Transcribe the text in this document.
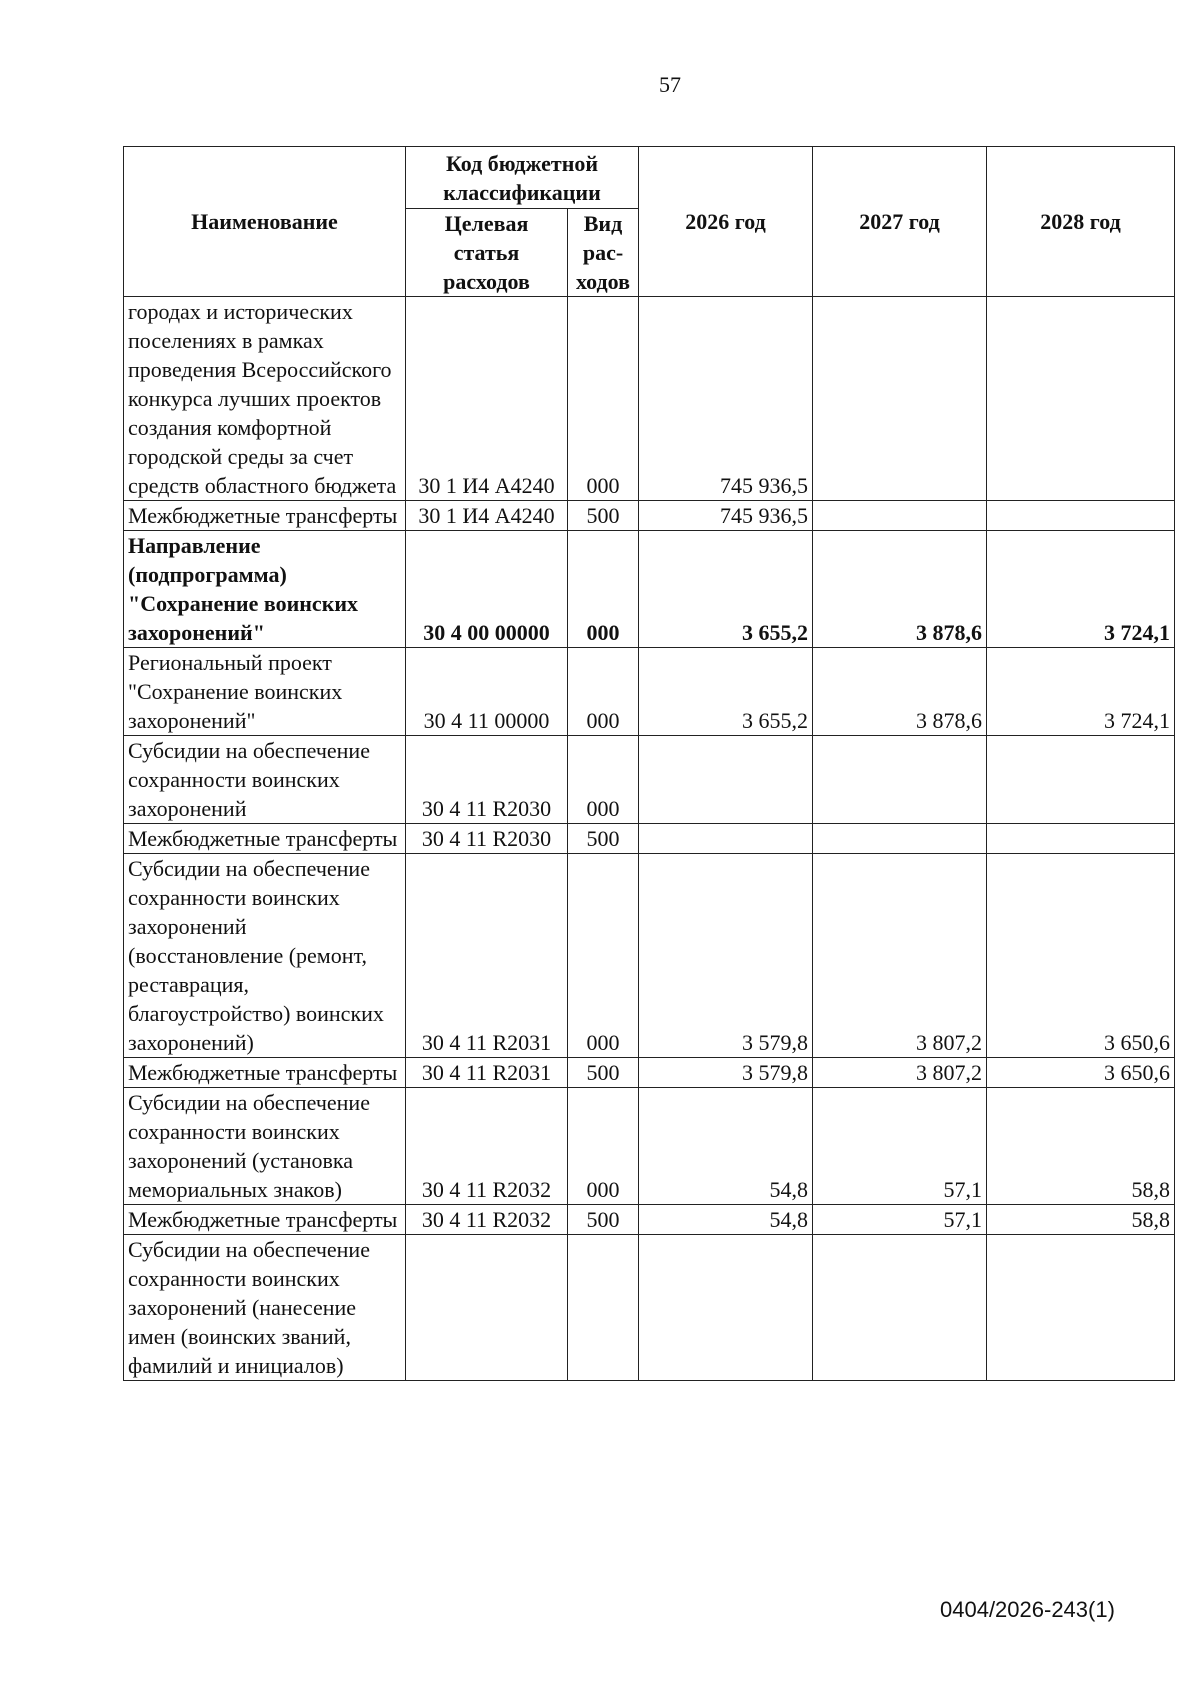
57
Наименование	Код бюджетной классификации		2026 год	2027 год	2028 год
	Целевая статья расходов	Вид рас-ходов			
городах и исторических поселениях в рамках проведения Всероссийского конкурса лучших проектов создания комфортной городской среды за счет средств областного бюджета	30 1 И4 А4240	000	745 936,5		
Межбюджетные трансферты	30 1 И4 А4240	500	745 936,5		
Направление (подпрограмма) "Сохранение воинских захоронений"	30 4 00 00000	000	3 655,2	3 878,6	3 724,1
Региональный проект "Сохранение воинских захоронений"	30 4 11 00000	000	3 655,2	3 878,6	3 724,1
Субсидии на обеспечение сохранности воинских захоронений	30 4 11 R2030	000			
Межбюджетные трансферты	30 4 11 R2030	500			
Субсидии на обеспечение сохранности воинских захоронений (восстановление (ремонт, реставрация, благоустройство) воинских захоронений)	30 4 11 R2031	000	3 579,8	3 807,2	3 650,6
Межбюджетные трансферты	30 4 11 R2031	500	3 579,8	3 807,2	3 650,6
Субсидии на обеспечение сохранности воинских захоронений (установка мемориальных знаков)	30 4 11 R2032	000	54,8	57,1	58,8
Межбюджетные трансферты	30 4 11 R2032	500	54,8	57,1	58,8
Субсидии на обеспечение сохранности воинских захоронений (нанесение имен (воинских званий, фамилий и инициалов)					
0404/2026-243(1)
